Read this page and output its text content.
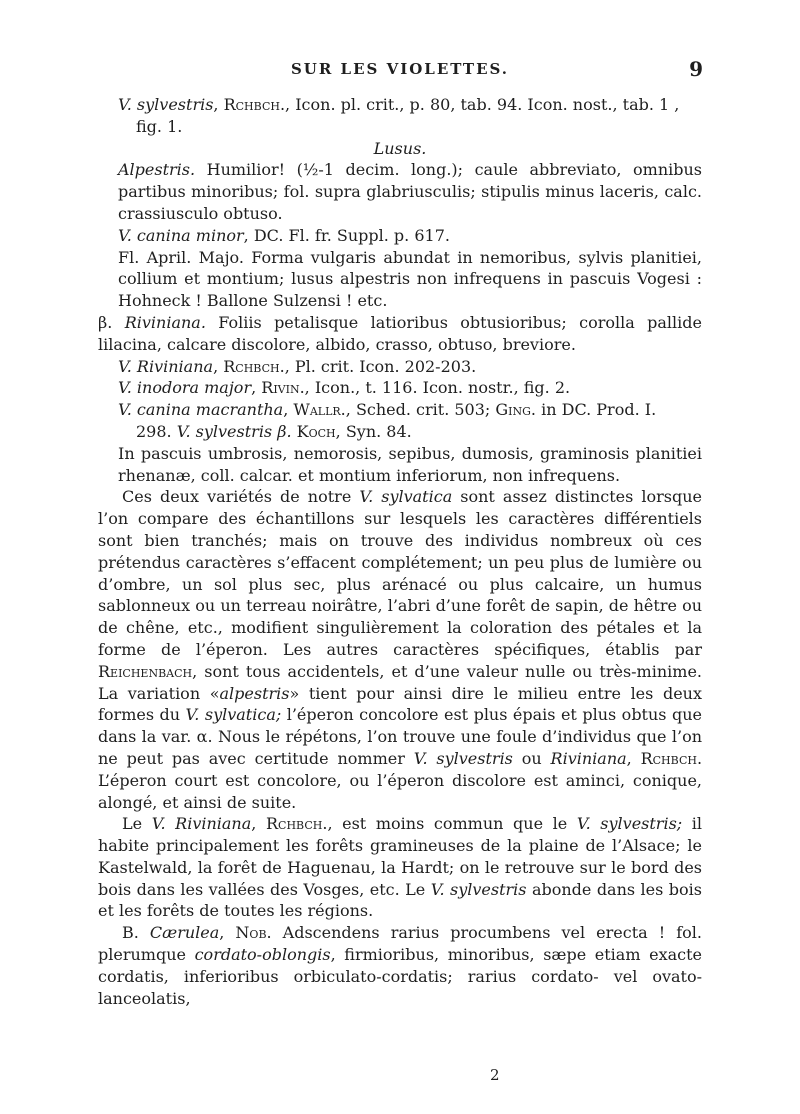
SUR LES VIOLETTES.	9

V. sylvestris, Rchbch., Icon. pl. crit., p. 80, tab. 94. Icon. nost., tab. 1 ,

fig. 1.

Lusus.

Alpestris. Humilior! (½-1 decim. long.); caule abbreviato, omnibus partibus minoribus; fol. supra glabriusculis; stipulis minus laceris, calc. crassiusculo obtuso.

V. canina minor, DC. Fl. fr. Suppl. p. 617.

Fl. April. Majo. Forma vulgaris abundat in nemoribus, sylvis planitiei, collium et montium; lusus alpestris non infrequens in pascuis Vogesi : Hohneck ! Ballone Sulzensi ! etc.

β. Riviniana. Foliis petalisque latioribus obtusioribus; corolla pallide lilacina, calcare discolore, albido, crasso, obtuso, breviore.

V. Riviniana, Rchbch., Pl. crit. Icon. 202-203.

V. inodora major, Rivin., Icon., t. 116. Icon. nostr., fig. 2.

V. canina macrantha, Wallr., Sched. crit. 503; Ging. in DC. Prod. I.

298. V. sylvestris β. Koch, Syn. 84.

In pascuis umbrosis, nemorosis, sepibus, dumosis, graminosis planitiei rhenanæ, coll. calcar. et montium inferiorum, non infrequens.

Ces deux variétés de notre V. sylvatica sont assez distinctes lorsque l’on compare des échantillons sur lesquels les caractères différentiels sont bien tranchés; mais on trouve des individus nombreux où ces prétendus caractères s’effacent complétement; un peu plus de lumière ou d’ombre, un sol plus sec, plus arénacé ou plus calcaire, un humus sablonneux ou un terreau noirâtre, l’abri d’une forêt de sapin, de hêtre ou de chêne, etc., modifient singulièrement la coloration des pétales et la forme de l’éperon. Les autres caractères spécifiques, établis par Reichenbach, sont tous accidentels, et d’une valeur nulle ou très-minime. La variation «alpestris» tient pour ainsi dire le milieu entre les deux formes du V. sylvatica; l’éperon concolore est plus épais et plus obtus que dans la var. α. Nous le répétons, l’on trouve une foule d’individus que l’on ne peut pas avec certitude nommer V. sylvestris ou Riviniana, Rchbch. L’éperon court est concolore, ou l’éperon discolore est aminci, conique, alongé, et ainsi de suite.

Le V. Riviniana, Rchbch., est moins commun que le V. sylvestris; il habite principalement les forêts gramineuses de la plaine de l’Alsace; le Kastelwald, la forêt de Haguenau, la Hardt; on le retrouve sur le bord des bois dans les vallées des Vosges, etc. Le V. sylvestris abonde dans les bois et les forêts de toutes les régions.

B. Cærulea, Nob. Adscendens rarius procumbens vel erecta ! fol. plerumque cordato-oblongis, firmioribus, minoribus, sæpe etiam exacte cordatis, inferioribus orbiculato-cordatis; rarius cordato- vel ovato-lanceolatis,

2
